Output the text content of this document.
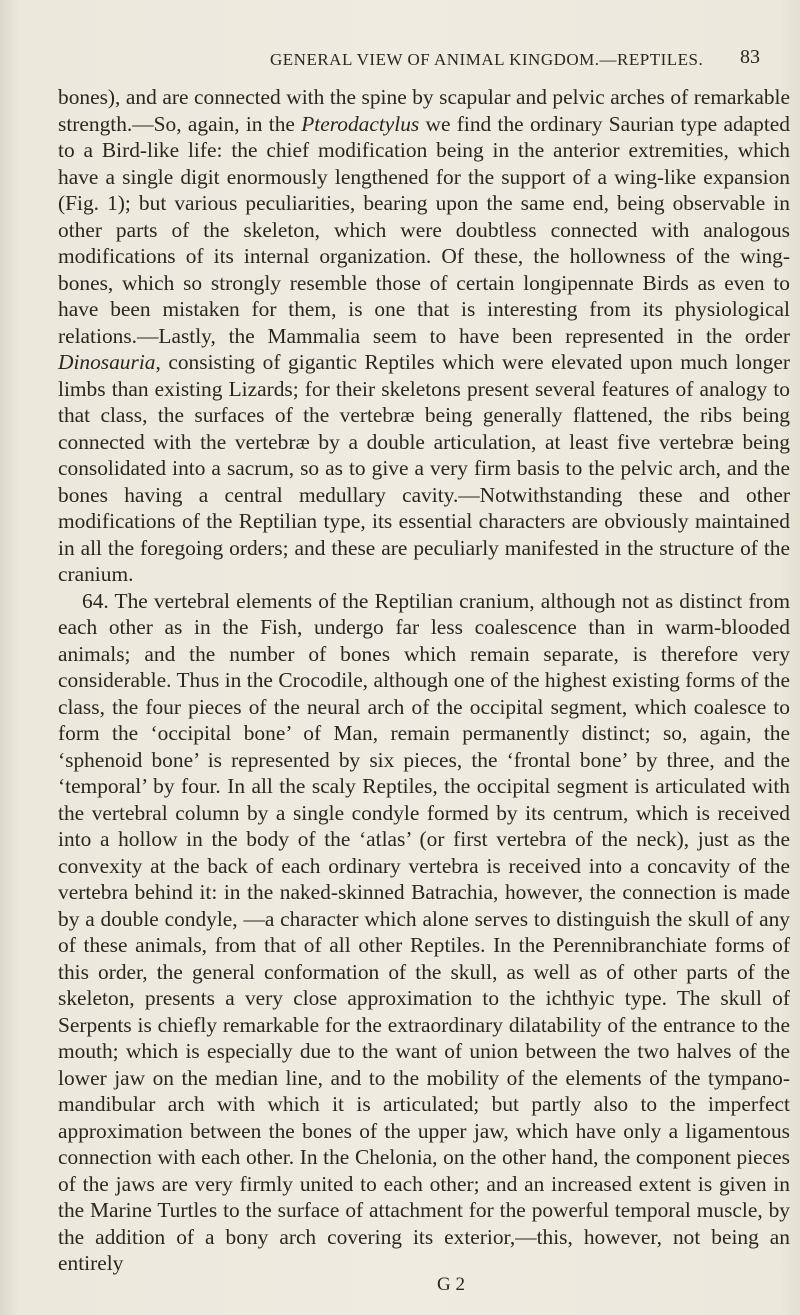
GENERAL VIEW OF ANIMAL KINGDOM.—REPTILES.	83

bones), and are connected with the spine by scapular and pelvic arches of remarkable strength.—So, again, in the Pterodactylus we find the ordinary Saurian type adapted to a Bird-like life: the chief modification being in the anterior extremities, which have a single digit enormously lengthened for the support of a wing-like expansion (Fig. 1); but various peculiarities, bearing upon the same end, being observable in other parts of the skeleton, which were doubtless connected with analogous modifications of its internal organization. Of these, the hollowness of the wing-bones, which so strongly resemble those of certain longipennate Birds as even to have been mistaken for them, is one that is interesting from its physiological relations.—Lastly, the Mammalia seem to have been represented in the order Dinosauria, consisting of gigantic Reptiles which were elevated upon much longer limbs than existing Lizards; for their skeletons present several features of analogy to that class, the surfaces of the vertebræ being generally flattened, the ribs being connected with the vertebræ by a double articulation, at least five vertebræ being consolidated into a sacrum, so as to give a very firm basis to the pelvic arch, and the bones having a central medullary cavity.—Notwithstanding these and other modifications of the Reptilian type, its essential characters are obviously maintained in all the foregoing orders; and these are peculiarly manifested in the structure of the cranium.

64. The vertebral elements of the Reptilian cranium, although not as distinct from each other as in the Fish, undergo far less coalescence than in warm-blooded animals; and the number of bones which remain separate, is therefore very considerable. Thus in the Crocodile, although one of the highest existing forms of the class, the four pieces of the neural arch of the occipital segment, which coalesce to form the ‘occipital bone’ of Man, remain permanently distinct; so, again, the ‘sphenoid bone’ is represented by six pieces, the ‘frontal bone’ by three, and the ‘temporal’ by four. In all the scaly Reptiles, the occipital segment is articulated with the vertebral column by a single condyle formed by its centrum, which is received into a hollow in the body of the ‘atlas’ (or first vertebra of the neck), just as the convexity at the back of each ordinary vertebra is received into a concavity of the vertebra behind it: in the naked-skinned Batrachia, however, the connection is made by a double condyle, —a character which alone serves to distinguish the skull of any of these animals, from that of all other Reptiles. In the Perennibranchiate forms of this order, the general conformation of the skull, as well as of other parts of the skeleton, presents a very close approximation to the ichthyic type. The skull of Serpents is chiefly remarkable for the extraordinary dilatability of the entrance to the mouth; which is especially due to the want of union between the two halves of the lower jaw on the median line, and to the mobility of the elements of the tympano-mandibular arch with which it is articulated; but partly also to the imperfect approximation between the bones of the upper jaw, which have only a ligamentous connection with each other. In the Chelonia, on the other hand, the component pieces of the jaws are very firmly united to each other; and an increased extent is given in the Marine Turtles to the surface of attachment for the powerful temporal muscle, by the addition of a bony arch covering its exterior,—this, however, not being an entirely

G 2
